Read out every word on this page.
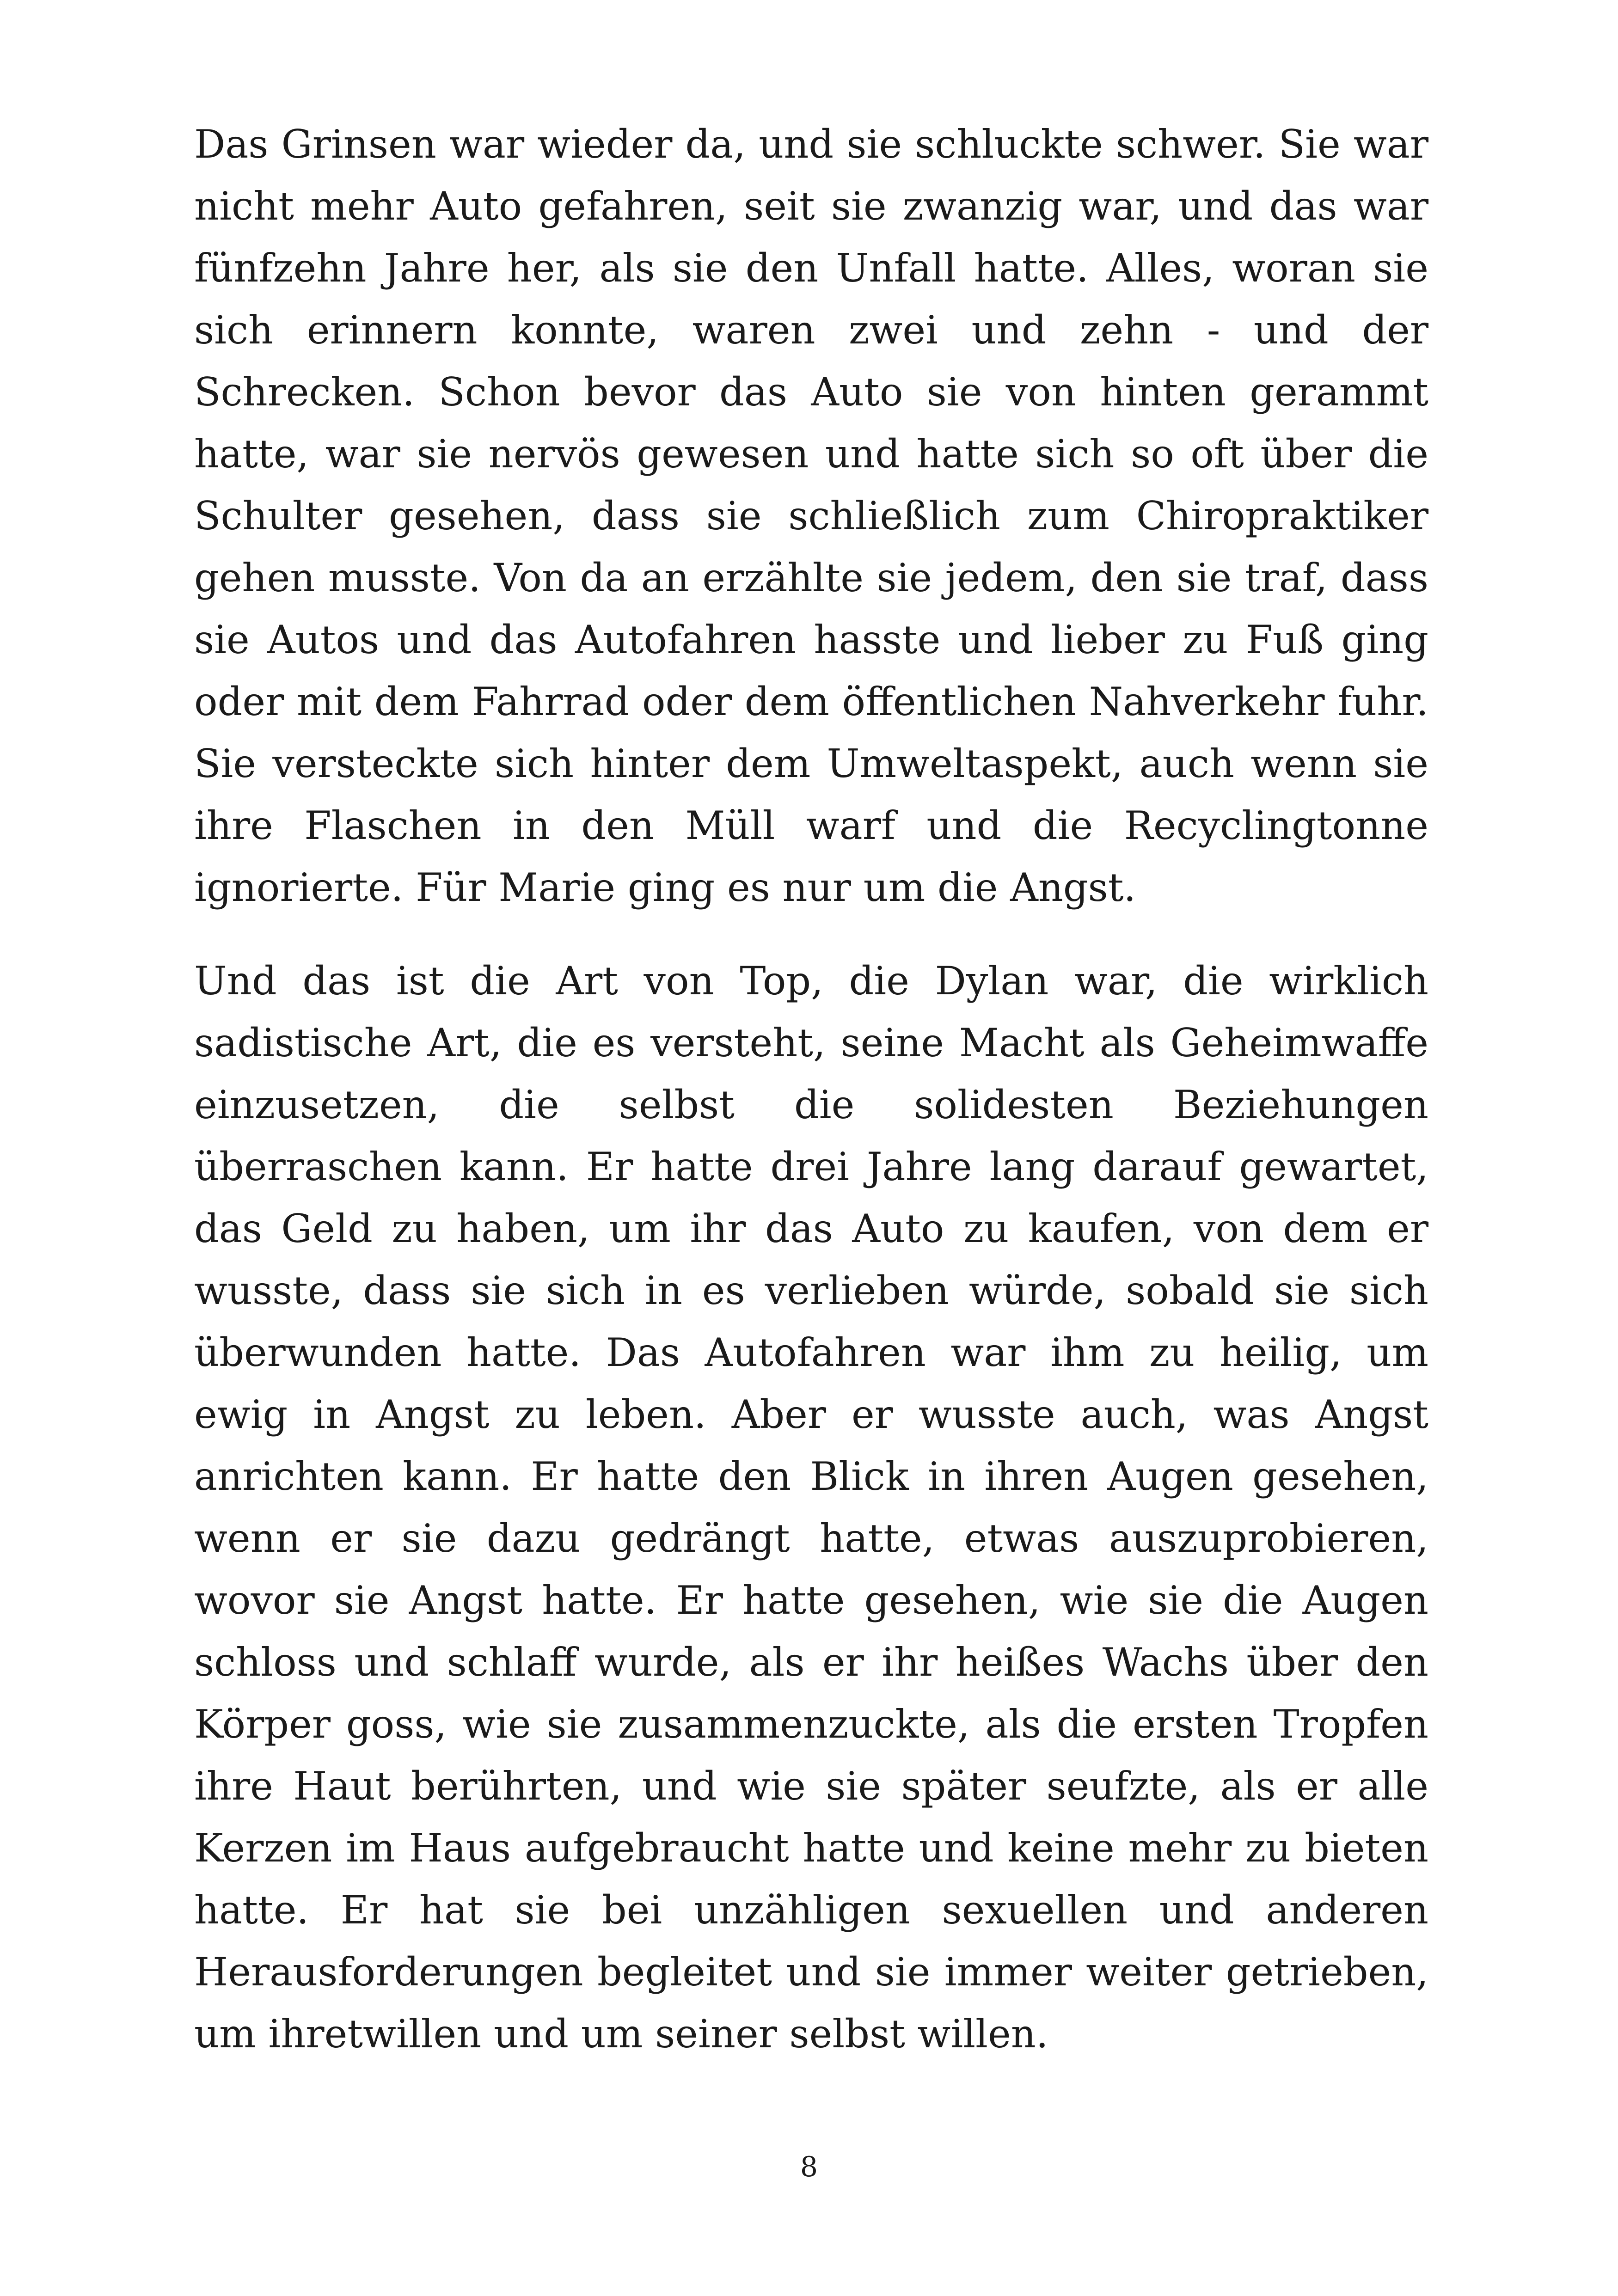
Das Grinsen war wieder da, und sie schluckte schwer. Sie war nicht mehr Auto gefahren, seit sie zwanzig war, und das war fünfzehn Jahre her, als sie den Unfall hatte. Alles, woran sie sich erinnern konnte, waren zwei und zehn - und der Schrecken. Schon bevor das Auto sie von hinten gerammt hatte, war sie nervös gewesen und hatte sich so oft über die Schulter gesehen, dass sie schließlich zum Chiropraktiker gehen musste. Von da an erzählte sie jedem, den sie traf, dass sie Autos und das Autofahren hasste und lieber zu Fuß ging oder mit dem Fahrrad oder dem öffentlichen Nahverkehr fuhr. Sie versteckte sich hinter dem Umweltaspekt, auch wenn sie ihre Flaschen in den Müll warf und die Recyclingtonne ignorierte. Für Marie ging es nur um die Angst.

Und das ist die Art von Top, die Dylan war, die wirklich sadistische Art, die es versteht, seine Macht als Geheimwaffe einzusetzen, die selbst die solidesten Beziehungen überraschen kann. Er hatte drei Jahre lang darauf gewartet, das Geld zu haben, um ihr das Auto zu kaufen, von dem er wusste, dass sie sich in es verlieben würde, sobald sie sich überwunden hatte. Das Autofahren war ihm zu heilig, um ewig in Angst zu leben. Aber er wusste auch, was Angst anrichten kann. Er hatte den Blick in ihren Augen gesehen, wenn er sie dazu gedrängt hatte, etwas auszuprobieren, wovor sie Angst hatte. Er hatte gesehen, wie sie die Augen schloss und schlaff wurde, als er ihr heißes Wachs über den Körper goss, wie sie zusammenzuckte, als die ersten Tropfen ihre Haut berührten, und wie sie später seufzte, als er alle Kerzen im Haus aufgebraucht hatte und keine mehr zu bieten hatte. Er hat sie bei unzähligen sexuellen und anderen Herausforderungen begleitet und sie immer weiter getrieben, um ihretwillen und um seiner selbst willen.

8
